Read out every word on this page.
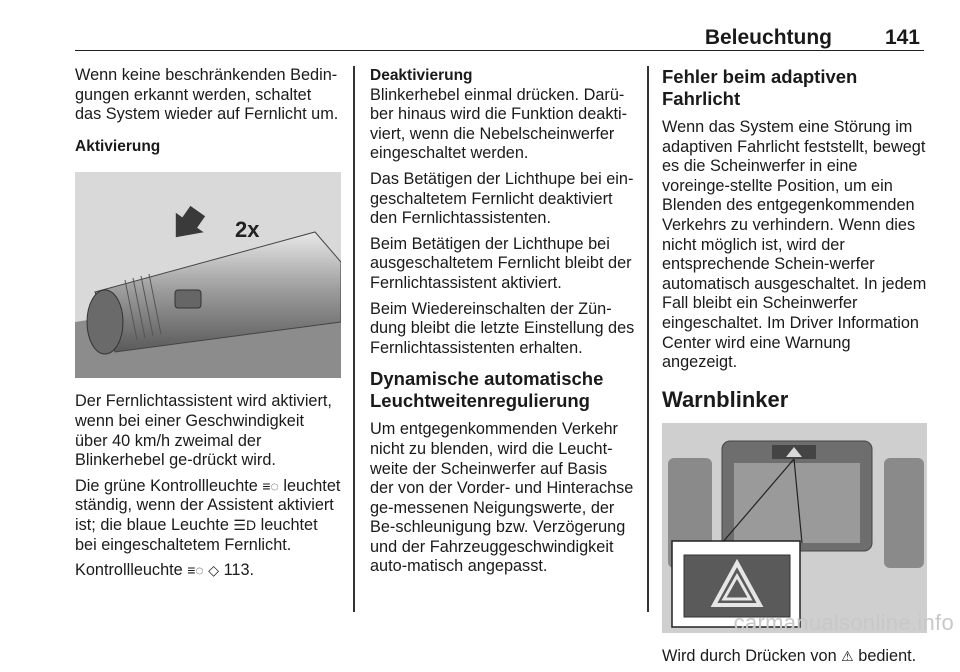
Beleuchtung	141

Wenn keine beschränkenden Bedin-gungen erkannt werden, schaltet das System wieder auf Fernlicht um.

Aktivierung

2x

Der Fernlichtassistent wird aktiviert, wenn bei einer Geschwindigkeit über 40 km/h zweimal der Blinkerhebel ge-drückt wird.

Die grüne Kontrollleuchte ≡◌ leuchtet ständig, wenn der Assistent aktiviert ist; die blaue Leuchte ☰D leuchtet bei eingeschaltetem Fernlicht.

Kontrollleuchte ≡◌ ◇ 113.

Deaktivierung

Blinkerhebel einmal drücken. Darü-ber hinaus wird die Funktion deakti-viert, wenn die Nebelscheinwerfer eingeschaltet werden.

Das Betätigen der Lichthupe bei ein-geschaltetem Fernlicht deaktiviert den Fernlichtassistenten.

Beim Betätigen der Lichthupe bei ausgeschaltetem Fernlicht bleibt der Fernlichtassistent aktiviert.

Beim Wiedereinschalten der Zün-dung bleibt die letzte Einstellung des Fernlichtassistenten erhalten.

Dynamische automatische Leuchtweitenregulierung

Um entgegenkommenden Verkehr nicht zu blenden, wird die Leucht-weite der Scheinwerfer auf Basis der von der Vorder- und Hinterachse ge-messenen Neigungswerte, der Be-schleunigung bzw. Verzögerung und der Fahrzeuggeschwindigkeit auto-matisch angepasst.

Fehler beim adaptiven Fahrlicht

Wenn das System eine Störung im adaptiven Fahrlicht feststellt, bewegt es die Scheinwerfer in eine voreinge-stellte Position, um ein Blenden des entgegenkommenden Verkehrs zu verhindern. Wenn dies nicht möglich ist, wird der entsprechende Schein-werfer automatisch ausgeschaltet. In jedem Fall bleibt ein Scheinwerfer eingeschaltet. Im Driver Information Center wird eine Warnung angezeigt.

Warnblinker

Wird durch Drücken von ⚠ bedient.

carmanualsonline.info
